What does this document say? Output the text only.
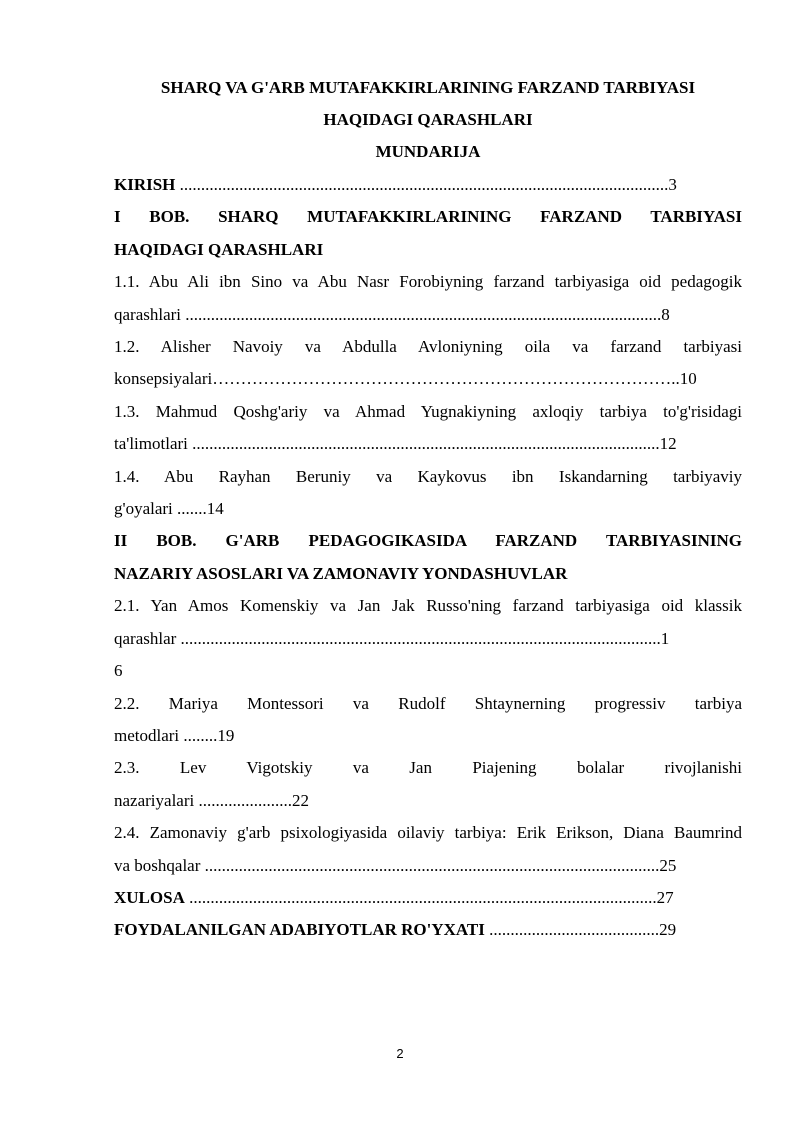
SHARQ VA G'ARB MUTAFAKKIRLARINING FARZAND TARBIYASI
HAQIDAGI QARASHLARI
MUNDARIJA

KIRISH ...................................................................................................................3

I BOB. SHARQ MUTAFAKKIRLARINING FARZAND TARBIYASI

HAQIDAGI QARASHLARI

1.1. Abu Ali ibn Sino va Abu Nasr Forobiyning farzand tarbiyasiga oid pedagogik

qarashlari ................................................................................................................8

1.2. Alisher Navoiy va Abdulla Avloniyning oila va farzand tarbiyasi

konsepsiyalari………………………………………………………………………..10

1.3. Mahmud Qoshg'ariy va Ahmad Yugnakiyning axloqiy tarbiya to'g'risidagi

ta'limotlari ..............................................................................................................12

1.4. Abu Rayhan Beruniy va Kaykovus ibn Iskandarning tarbiyaviy

g'oyalari .......14

II BOB. G'ARB PEDAGOGIKASIDA FARZAND TARBIYASINING

NAZARIY ASOSLARI VA ZAMONAVIY YONDASHUVLAR

2.1. Yan Amos Komenskiy va Jan Jak Russo'ning farzand tarbiyasiga oid klassik

qarashlar .................................................................................................................1

6

2.2. Mariya Montessori va Rudolf Shtaynerning progressiv tarbiya

metodlari ........19

2.3. Lev Vigotskiy va Jan Piajening bolalar rivojlanishi

nazariyalari ......................22

2.4. Zamonaviy g'arb psixologiyasida oilaviy tarbiya: Erik Erikson, Diana Baumrind

va boshqalar ...........................................................................................................25

XULOSA ..............................................................................................................27

FOYDALANILGAN ADABIYOTLAR RO'YXATI ........................................29

2
